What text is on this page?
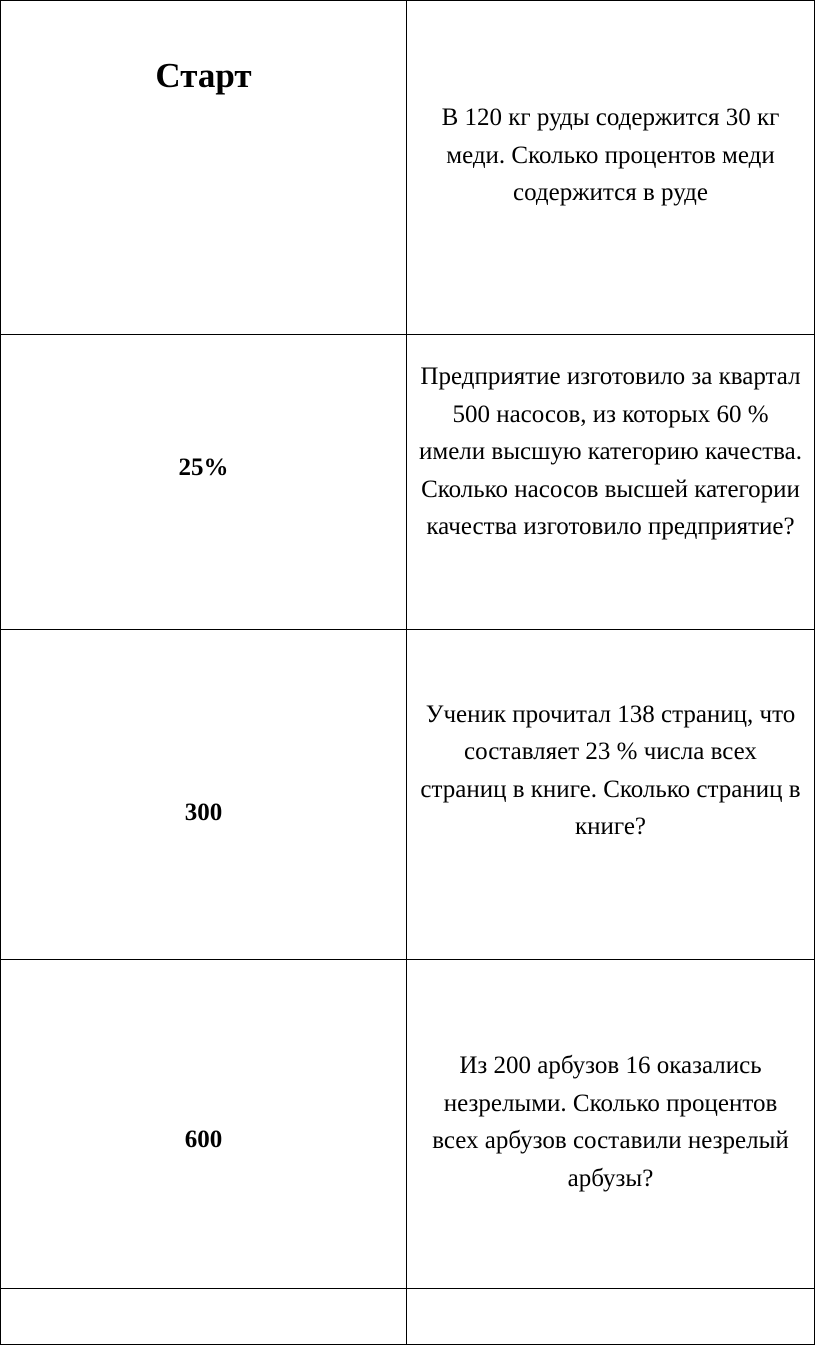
Старт	В 120 кг руды содержится 30 кг меди. Сколько процентов меди содержится в руде

25%	Предприятие изготовило за квартал 500 насосов, из которых 60 % имели высшую категорию качества. Сколько насосов высшей категории качества изготовило предприятие?

300	Ученик прочитал 138 страниц, что составляет 23 % числа всех страниц в книге. Сколько страниц в книге?

600	Из 200 арбузов 16 оказались незрелыми. Сколько процентов всех арбузов составили незрелый арбузы?
